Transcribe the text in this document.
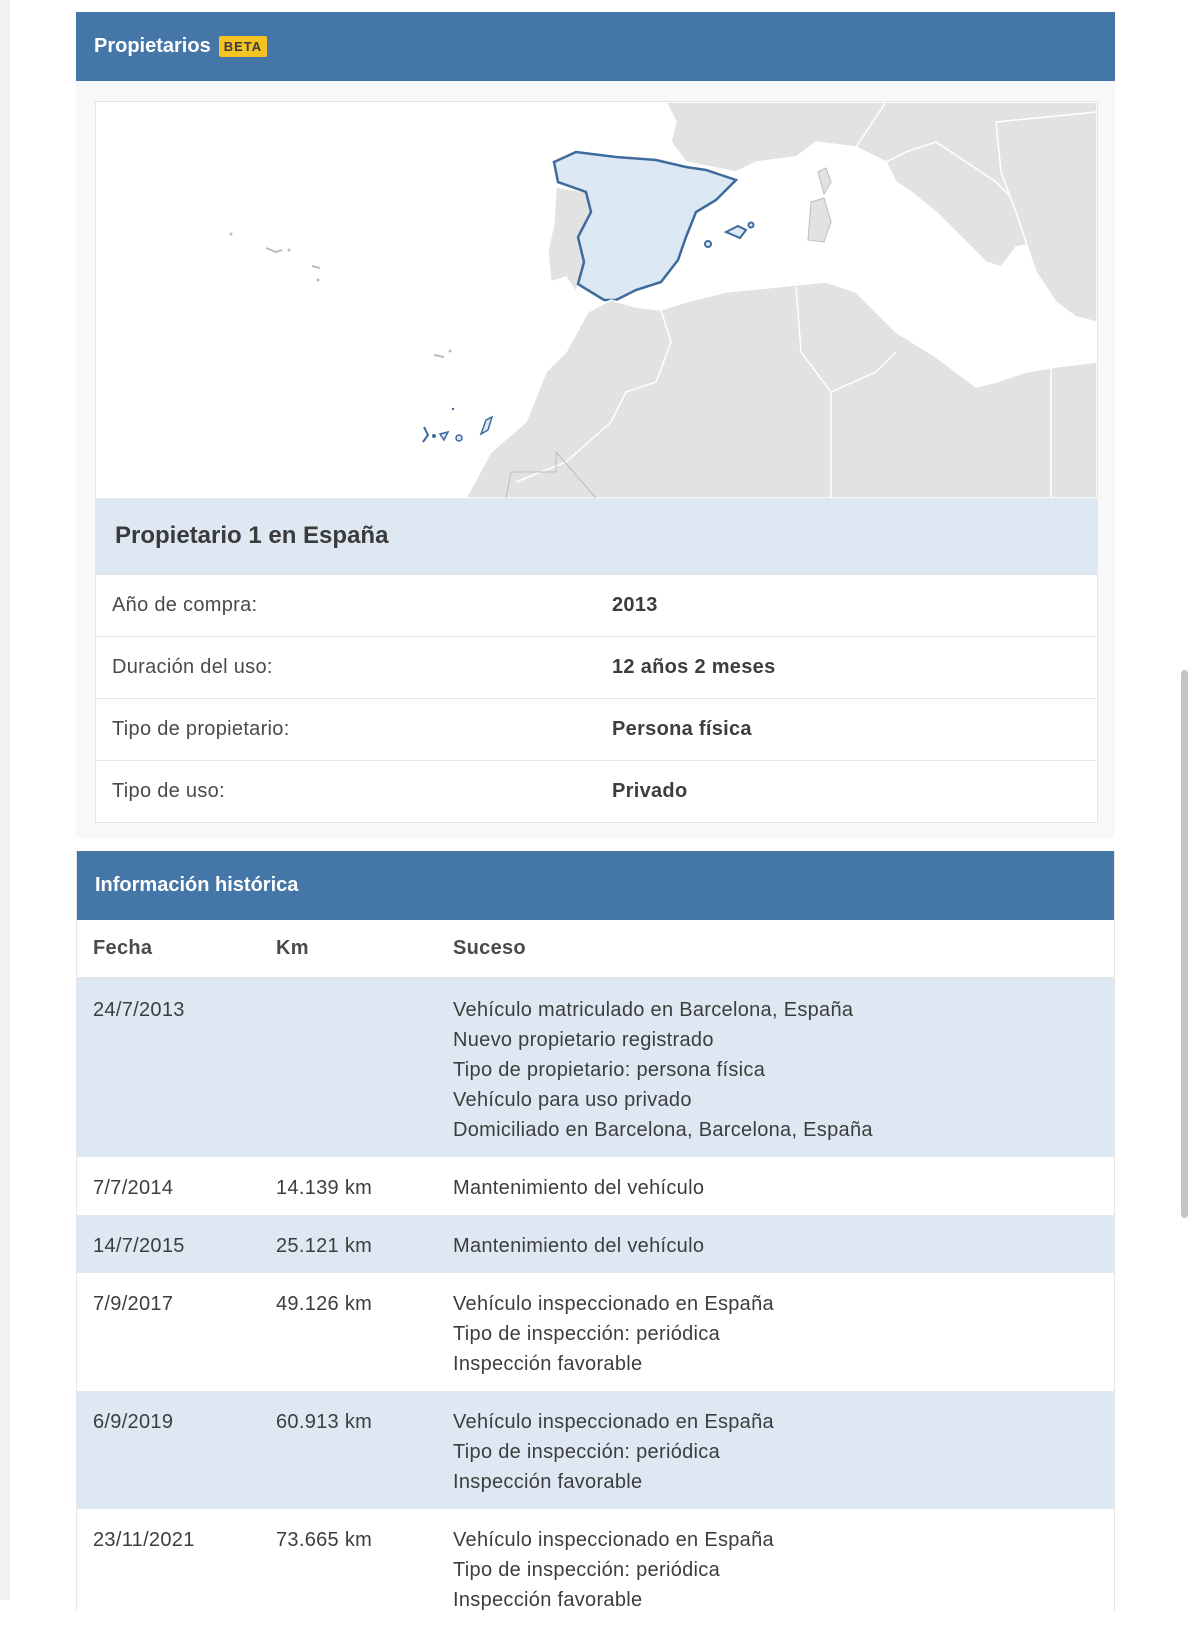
Propietarios	BETA
Propietario 1 en España
Año de compra:	2013
Duración del uso:	12 años 2 meses
Tipo de propietario:	Persona física
Tipo de uso:	Privado
Información histórica
Fecha	Km	Suceso
24/7/2013		Vehículo matriculado en Barcelona, España
Nuevo propietario registrado
Tipo de propietario: persona física
Vehículo para uso privado
Domiciliado en Barcelona, Barcelona, España

7/7/2014	14.139 km	Mantenimiento del vehículo

14/7/2015	25.121 km	Mantenimiento del vehículo

7/9/2017	49.126 km	Vehículo inspeccionado en España
Tipo de inspección: periódica
Inspección favorable

6/9/2019	60.913 km	Vehículo inspeccionado en España
Tipo de inspección: periódica
Inspección favorable

23/11/2021	73.665 km	Vehículo inspeccionado en España
Tipo de inspección: periódica
Inspección favorable
